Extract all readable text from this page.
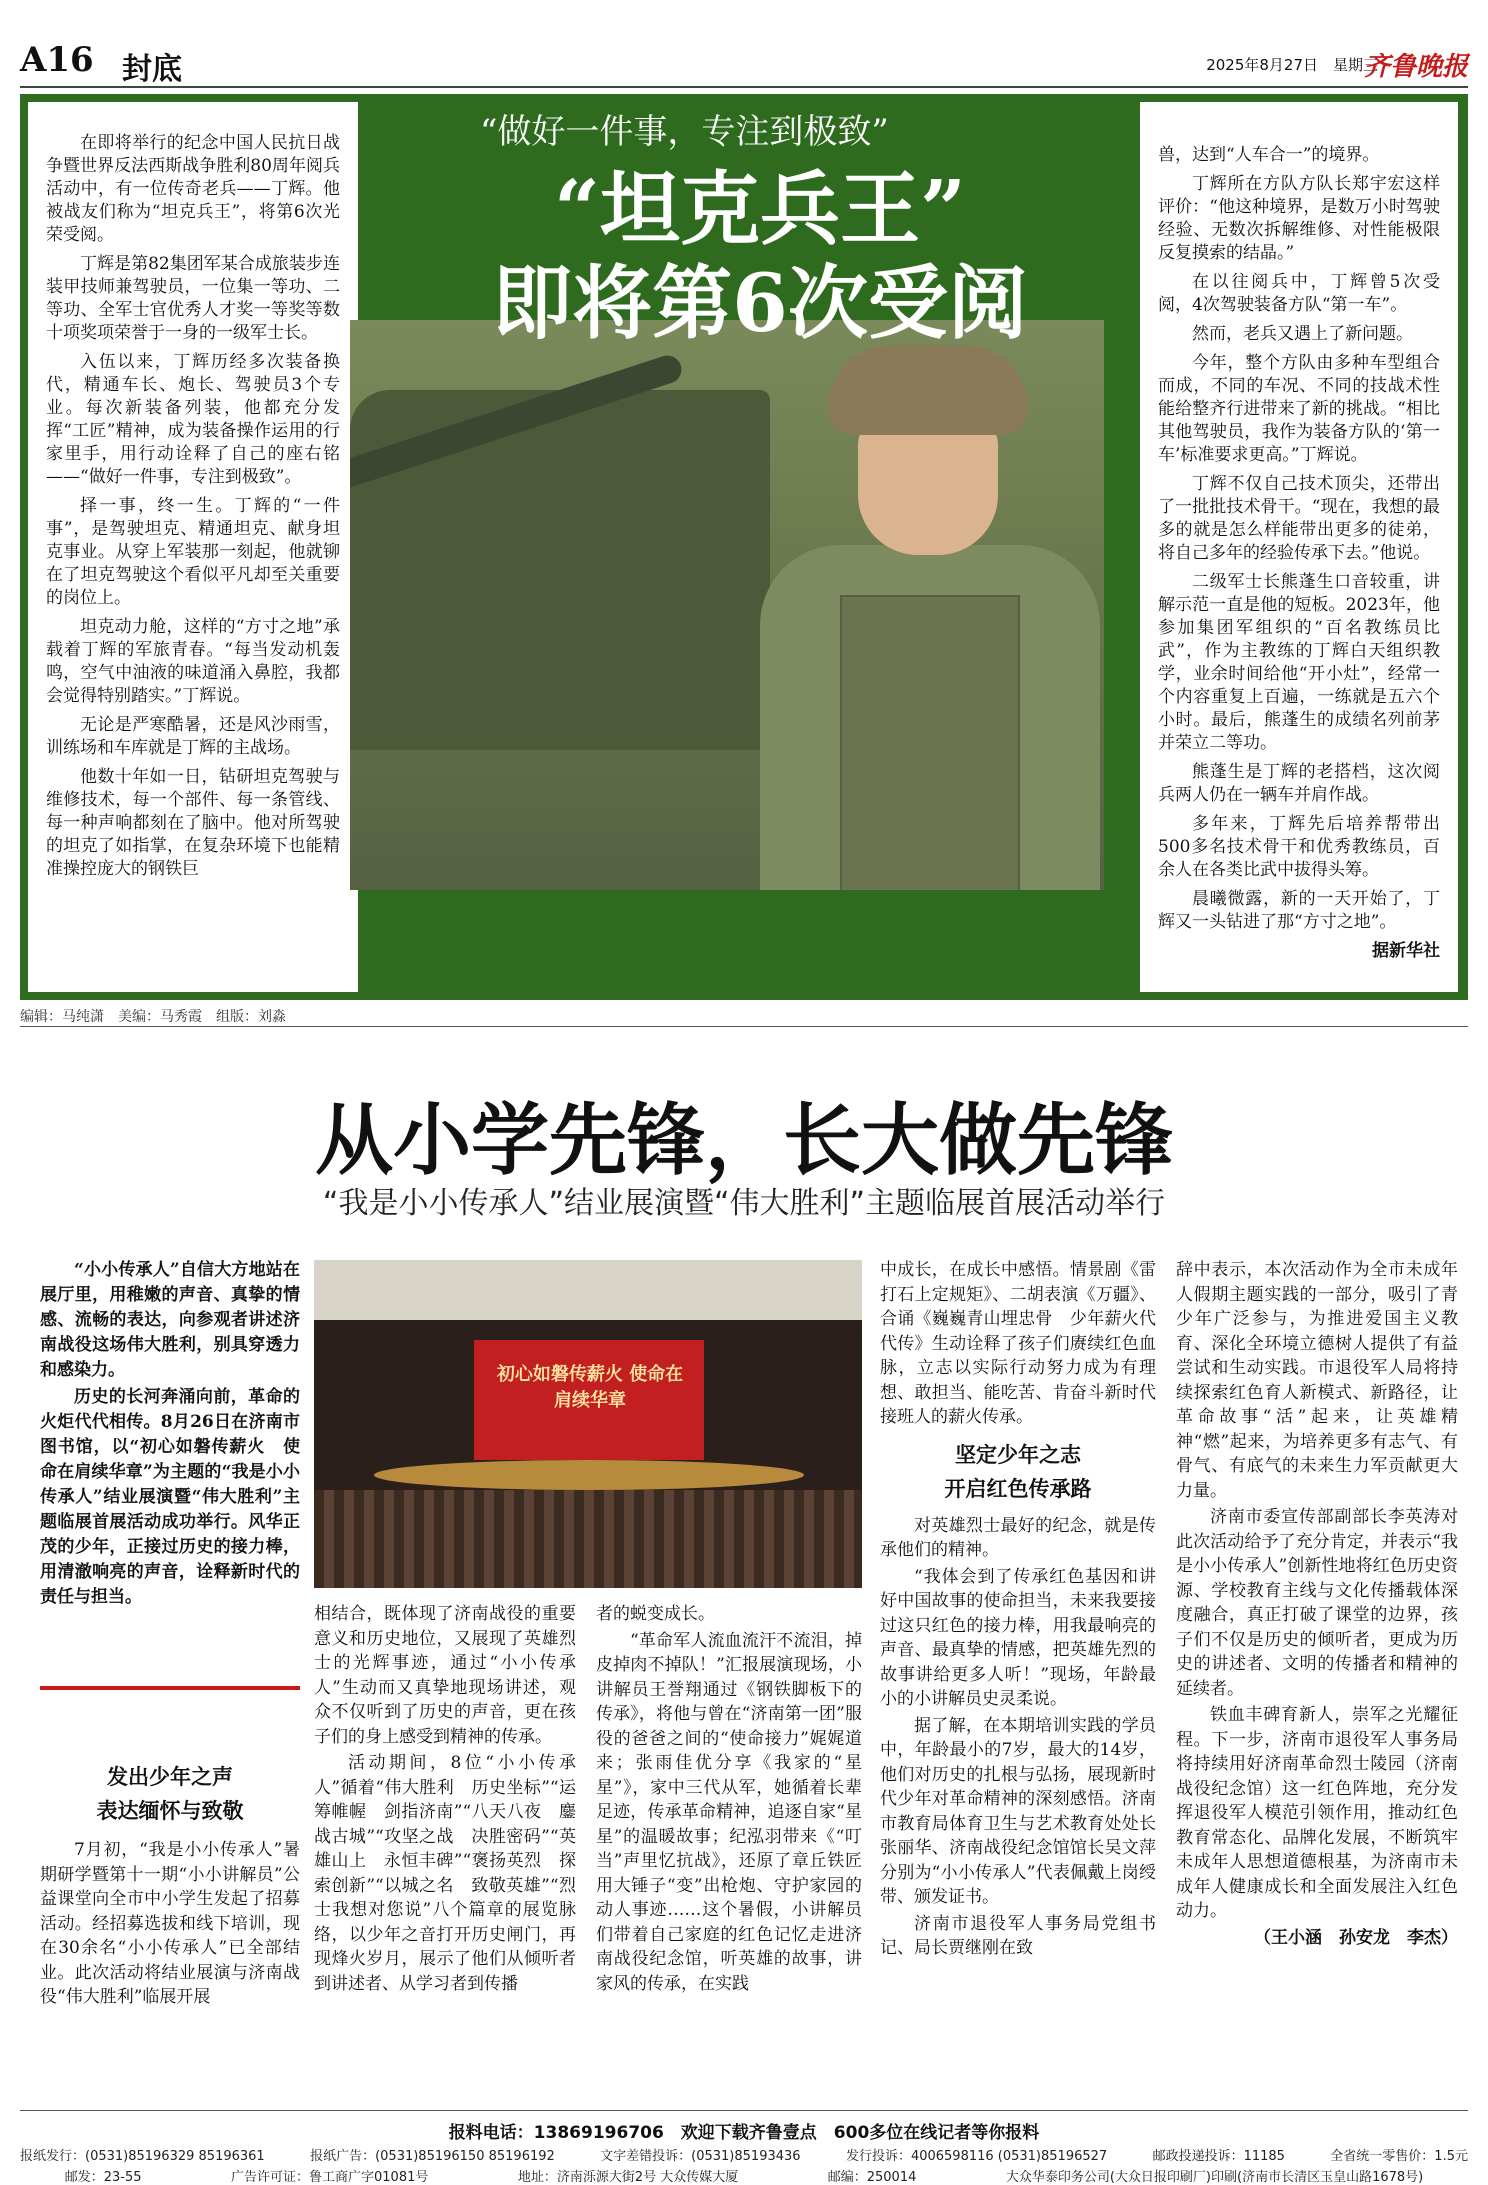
A16 封底	2025年8月27日　星期三
齐鲁晚报

在即将举行的纪念中国人民抗日战争暨世界反法西斯战争胜利80周年阅兵活动中，有一位传奇老兵——丁辉。他被战友们称为“坦克兵王”，将第6次光荣受阅。

丁辉是第82集团军某合成旅装步连装甲技师兼驾驶员，一位集一等功、二等功、全军士官优秀人才奖一等奖等数十项奖项荣誉于一身的一级军士长。

入伍以来，丁辉历经多次装备换代，精通车长、炮长、驾驶员3个专业。每次新装备列装，他都充分发挥“工匠”精神，成为装备操作运用的行家里手，用行动诠释了自己的座右铭——“做好一件事，专注到极致”。

择一事，终一生。丁辉的“一件事”，是驾驶坦克、精通坦克、献身坦克事业。从穿上军装那一刻起，他就铆在了坦克驾驶这个看似平凡却至关重要的岗位上。

坦克动力舱，这样的“方寸之地”承载着丁辉的军旅青春。“每当发动机轰鸣，空气中油液的味道涌入鼻腔，我都会觉得特别踏实。”丁辉说。

无论是严寒酷暑，还是风沙雨雪，训练场和车库就是丁辉的主战场。

他数十年如一日，钻研坦克驾驶与维修技术，每一个部件、每一条管线、每一种声响都刻在了脑中。他对所驾驶的坦克了如指掌，在复杂环境下也能精准操控庞大的钢铁巨

兽，达到“人车合一”的境界。

丁辉所在方队方队长郑宇宏这样评价：“他这种境界，是数万小时驾驶经验、无数次拆解维修、对性能极限反复摸索的结晶。”

在以往阅兵中，丁辉曾5次受阅，4次驾驶装备方队“第一车”。

然而，老兵又遇上了新问题。

今年，整个方队由多种车型组合而成，不同的车况、不同的技战术性能给整齐行进带来了新的挑战。“相比其他驾驶员，我作为装备方队的‘第一车’标准要求更高。”丁辉说。

丁辉不仅自己技术顶尖，还带出了一批批技术骨干。“现在，我想的最多的就是怎么样能带出更多的徒弟，将自己多年的经验传承下去。”他说。

二级军士长熊蓬生口音较重，讲解示范一直是他的短板。2023年，他参加集团军组织的“百名教练员比武”，作为主教练的丁辉白天组织教学，业余时间给他“开小灶”，经常一个内容重复上百遍，一练就是五六个小时。最后，熊蓬生的成绩名列前茅并荣立二等功。

熊蓬生是丁辉的老搭档，这次阅兵两人仍在一辆车并肩作战。

多年来，丁辉先后培养帮带出500多名技术骨干和优秀教练员，百余人在各类比武中拔得头筹。

晨曦微露，新的一天开始了，丁辉又一头钻进了那“方寸之地”。

据新华社
“做好一件事，专注到极致”
“坦克兵王”
即将第6次受阅
编辑：马纯潇　美编：马秀霞　组版：刘淼
从小学先锋，长大做先锋
“我是小小传承人”结业展演暨“伟大胜利”主题临展首展活动举行

“小小传承人”自信大方地站在展厅里，用稚嫩的声音、真挚的情感、流畅的表达，向参观者讲述济南战役这场伟大胜利，别具穿透力和感染力。

历史的长河奔涌向前，革命的火炬代代相传。8月26日在济南市图书馆，以“初心如磐传薪火　使命在肩续华章”为主题的“我是小小传承人”结业展演暨“伟大胜利”主题临展首展活动成功举行。风华正茂的少年，正接过历史的接力棒，用清澈响亮的声音，诠释新时代的责任与担当。

初心如磐传薪火 使命在肩续华章
发出少年之声
表达缅怀与致敬

7月初，“我是小小传承人”暑期研学暨第十一期“小小讲解员”公益课堂向全市中小学生发起了招募活动。经招募选拔和线下培训，现在30余名“小小传承人”已全部结业。此次活动将结业展演与济南战役“伟大胜利”临展开展

相结合，既体现了济南战役的重要意义和历史地位，又展现了英雄烈士的光辉事迹，通过“小小传承人”生动而又真挚地现场讲述，观众不仅听到了历史的声音，更在孩子们的身上感受到精神的传承。

活动期间，8位“小小传承人”循着“伟大胜利　历史坐标”“运筹帷幄　剑指济南”“八天八夜　鏖战古城”“攻坚之战　决胜密码”“英雄山上　永恒丰碑”“褒扬英烈　探索创新”“以城之名　致敬英雄”“烈士我想对您说”八个篇章的展览脉络，以少年之音打开历史闸门，再现烽火岁月，展示了他们从倾听者到讲述者、从学习者到传播

者的蜕变成长。

“革命军人流血流汗不流泪，掉皮掉肉不掉队！”汇报展演现场，小讲解员王誉翔通过《钢铁脚板下的传承》，将他与曾在“济南第一团”服役的爸爸之间的“使命接力”娓娓道来；张雨佳优分享《我家的“星星”》，家中三代从军，她循着长辈足迹，传承革命精神，追逐自家“星星”的温暖故事；纪泓羽带来《“叮当”声里忆抗战》，还原了章丘铁匠用大锤子“变”出枪炮、守护家园的动人事迹……这个暑假，小讲解员们带着自己家庭的红色记忆走进济南战役纪念馆，听英雄的故事，讲家风的传承，在实践

中成长，在成长中感悟。情景剧《雷打石上定规矩》、二胡表演《万疆》、合诵《巍巍青山埋忠骨　少年薪火代代传》生动诠释了孩子们赓续红色血脉，立志以实际行动努力成为有理想、敢担当、能吃苦、肯奋斗新时代接班人的薪火传承。

坚定少年之志
开启红色传承路

对英雄烈士最好的纪念，就是传承他们的精神。

“我体会到了传承红色基因和讲好中国故事的使命担当，未来我要接过这只红色的接力棒，用我最响亮的声音、最真挚的情感，把英雄先烈的故事讲给更多人听！”现场，年龄最小的小讲解员史灵柔说。

据了解，在本期培训实践的学员中，年龄最小的7岁，最大的14岁，他们对历史的扎根与弘扬，展现新时代少年对革命精神的深刻感悟。济南市教育局体育卫生与艺术教育处处长张丽华、济南战役纪念馆馆长吴文萍分别为“小小传承人”代表佩戴上岗绶带、颁发证书。

济南市退役军人事务局党组书记、局长贾继刚在致

辞中表示，本次活动作为全市未成年人假期主题实践的一部分，吸引了青少年广泛参与，为推进爱国主义教育、深化全环境立德树人提供了有益尝试和生动实践。市退役军人局将持续探索红色育人新模式、新路径，让革命故事“活”起来，让英雄精神“燃”起来，为培养更多有志气、有骨气、有底气的未来生力军贡献更大力量。

济南市委宣传部副部长李英涛对此次活动给予了充分肯定，并表示“我是小小传承人”创新性地将红色历史资源、学校教育主线与文化传播载体深度融合，真正打破了课堂的边界，孩子们不仅是历史的倾听者，更成为历史的讲述者、文明的传播者和精神的延续者。

铁血丰碑育新人，崇军之光耀征程。下一步，济南市退役军人事务局将持续用好济南革命烈士陵园（济南战役纪念馆）这一红色阵地，充分发挥退役军人模范引领作用，推动红色教育常态化、品牌化发展，不断筑牢未成年人思想道德根基，为济南市未成年人健康成长和全面发展注入红色动力。

（王小涵　孙安龙　李杰）
报料电话：13869196706　欢迎下载齐鲁壹点　600多位在线记者等你报料
报纸发行：(0531)85196329 85196361	报纸广告：(0531)85196150 85196192	文字差错投诉：(0531)85193436	发行投诉：4006598116 (0531)85196527	邮政投递投诉：11185	全省统一零售价：1.5元
邮发：23-55	广告许可证：鲁工商广字01081号	地址：济南泺源大街2号 大众传媒大厦	邮编：250014	大众华泰印务公司(大众日报印刷厂)印刷(济南市长清区玉皇山路1678号)
